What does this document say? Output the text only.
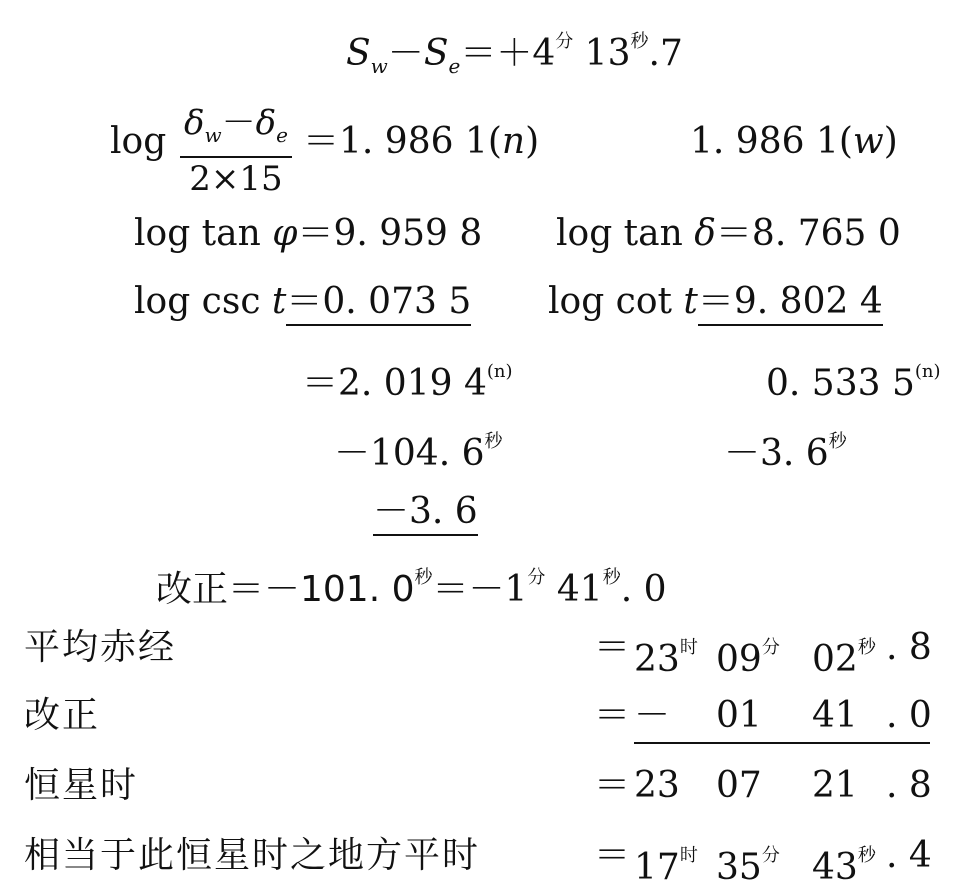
$S_w-S_e=+4^分$ $13^秒.7$
$\log \frac{\delta_w-\delta_e}{2\times 15} =1$. 986 1(n)	1. 986 1(w)
log tan φ＝9. 959 8 log tan δ＝8. 765 0
log csc t＝0. 073 5 log cot t＝9. 802 4
＝2. 019 4$^{(n)}$	0. 533 $5^{(n)}$
－104. $6^秒$	－3. $6^秒$
－3. 6
改正＝－101. $0^秒=-1^分$ $41^秒$. 0
平均赤经	＝ $23^时$ $09^分$ $02^秒$ . 8
改正	＝ － 01 41 . 0
恒星时	＝ 23 07 21 . 8
相当于此恒星时之地方平时	＝ $17^时$ $35^分$ $43^秒$ . 4
